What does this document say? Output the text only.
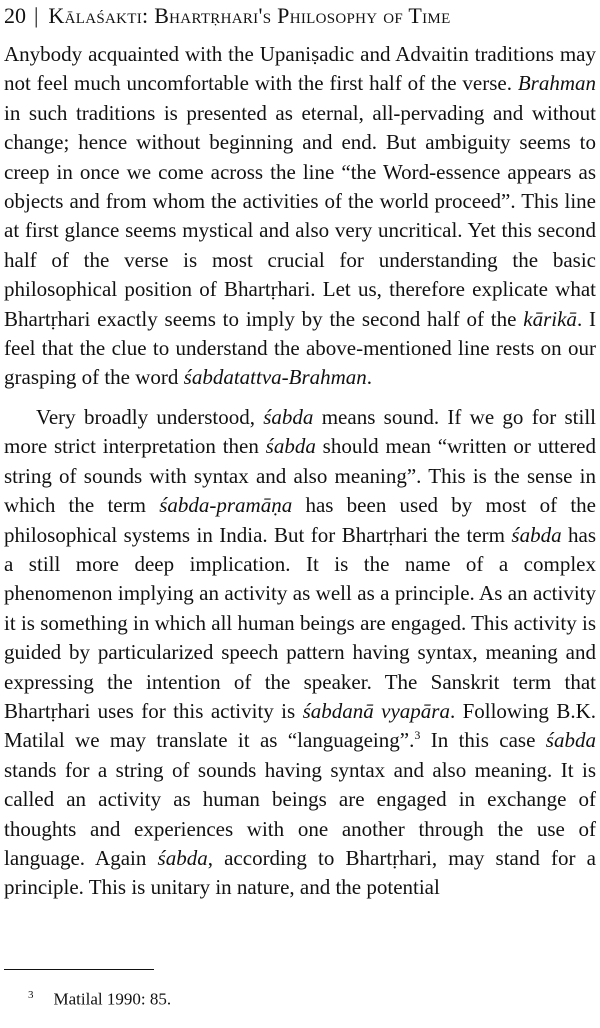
20 | Kālaśakti: Bhartṛhari's Philosophy of Time

Anybody acquainted with the Upaniṣadic and Advaitin traditions may not feel much uncomfortable with the first half of the verse. Brahman in such traditions is presented as eternal, all-pervading and without change; hence without beginning and end. But ambiguity seems to creep in once we come across the line “the Word-essence appears as objects and from whom the activities of the world proceed”. This line at first glance seems mystical and also very uncritical. Yet this second half of the verse is most crucial for understanding the basic philosophical position of Bhartṛhari. Let us, therefore explicate what Bhartṛhari exactly seems to imply by the second half of the kārikā. I feel that the clue to understand the above-mentioned line rests on our grasping of the word śabdatattva-Brahman.

Very broadly understood, śabda means sound. If we go for still more strict interpretation then śabda should mean “written or uttered string of sounds with syntax and also meaning”. This is the sense in which the term śabda-pramāṇa has been used by most of the philosophical systems in India. But for Bhartṛhari the term śabda has a still more deep implication. It is the name of a complex phenomenon implying an activity as well as a principle. As an activity it is something in which all human beings are engaged. This activity is guided by particularized speech pattern having syntax, meaning and expressing the intention of the speaker. The Sanskrit term that Bhartṛhari uses for this activity is śabdanā vyapāra. Following B.K. Matilal we may translate it as “languageing”.$^3$ In this case śabda stands for a string of sounds having syntax and also meaning. It is called an activity as human beings are engaged in exchange of thoughts and experiences with one another through the use of language. Again śabda, according to Bhartṛhari, may stand for a principle. This is unitary in nature, and the potential

$^3$ Matilal 1990: 85.
